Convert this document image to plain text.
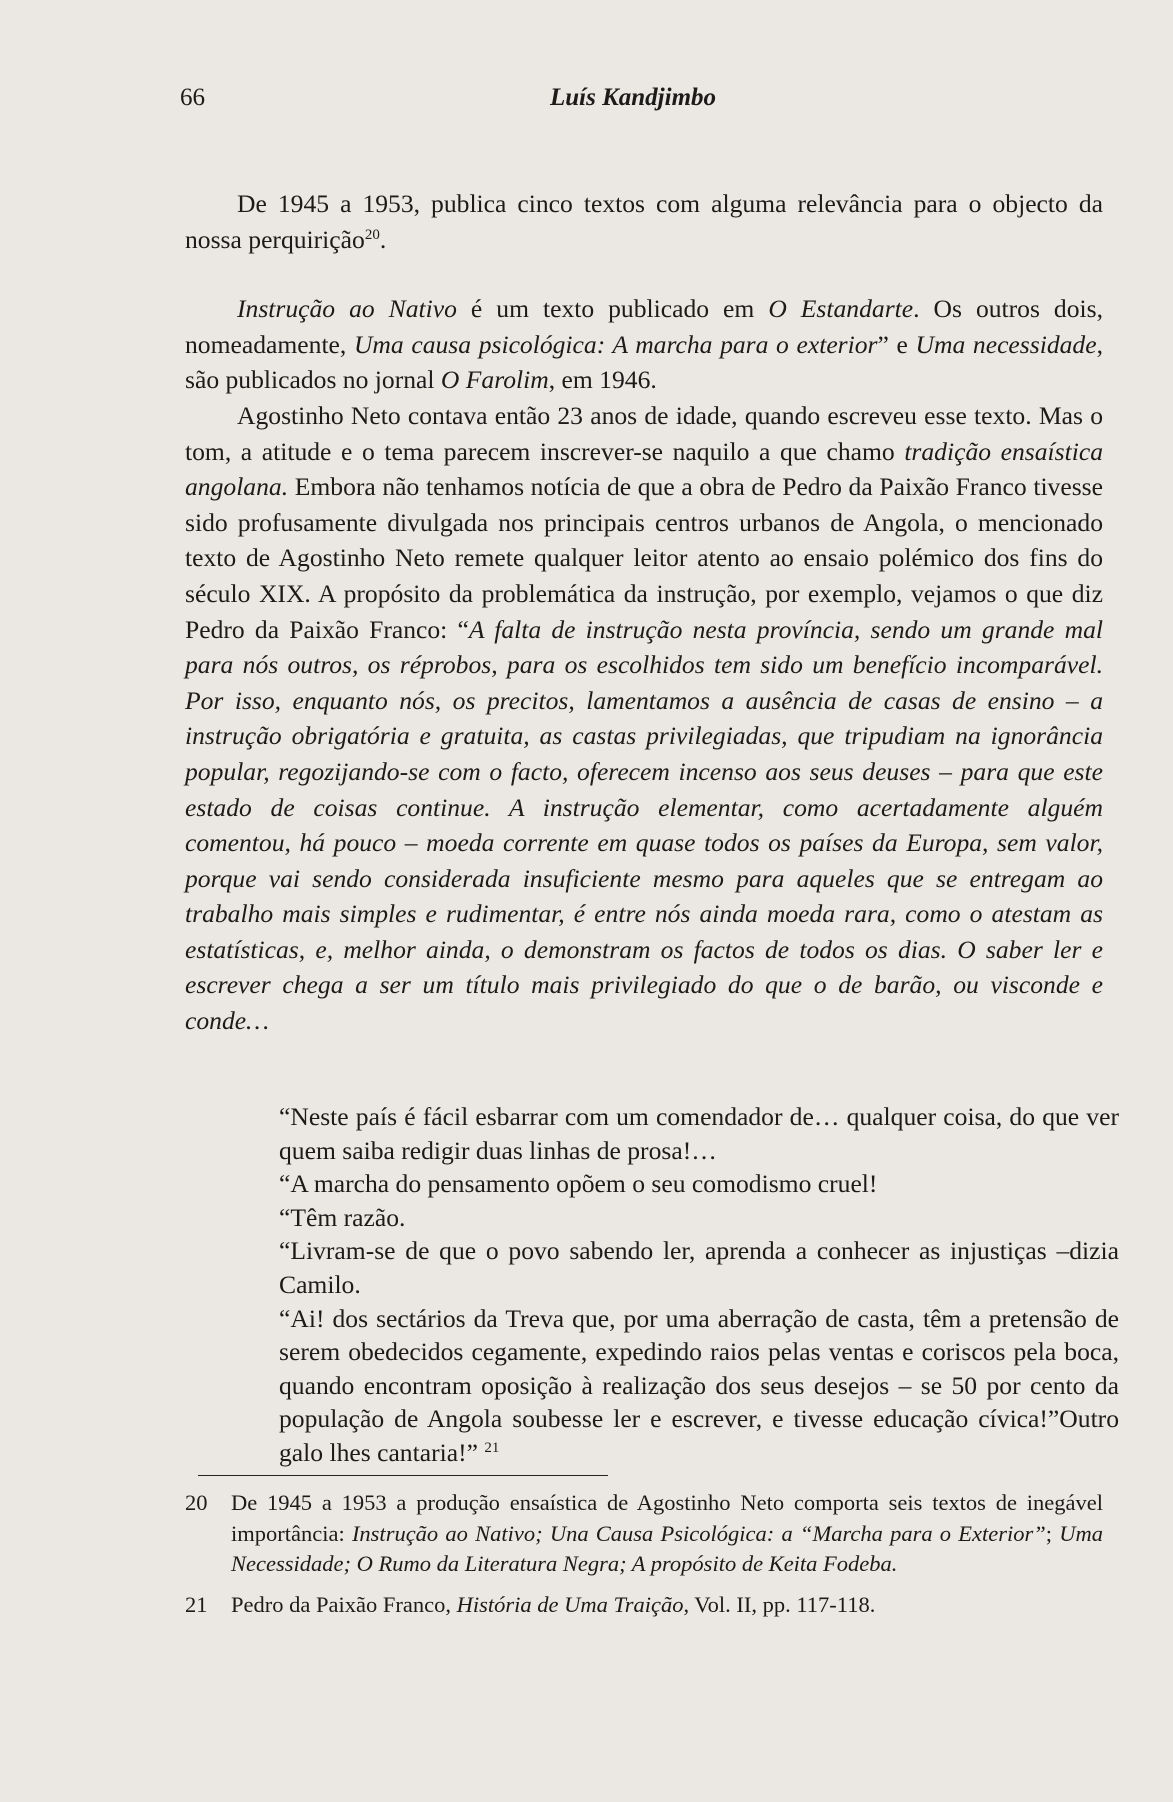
66	Luís Kandjimbo

De 1945 a 1953, publica cinco textos com alguma relevância para o objecto da nossa perquirição$^{20}$.

Instrução ao Nativo é um texto publicado em O Estandarte. Os outros dois, nomeadamente, Uma causa psicológica: A marcha para o exterior” e Uma necessidade, são publicados no jornal O Farolim, em 1946.

Agostinho Neto contava então 23 anos de idade, quando escreveu esse texto. Mas o tom, a atitude e o tema parecem inscrever-se naquilo a que chamo tradição ensaística angolana. Embora não tenhamos notícia de que a obra de Pedro da Paixão Franco tivesse sido profusamente divulgada nos principais centros urbanos de Angola, o mencionado texto de Agostinho Neto remete qualquer leitor atento ao ensaio polémico dos fins do século XIX. A propósito da problemática da instrução, por exemplo, vejamos o que diz Pedro da Paixão Franco: “A falta de instrução nesta província, sendo um grande mal para nós outros, os réprobos, para os escolhidos tem sido um benefício incomparável. Por isso, enquanto nós, os precitos, lamentamos a ausência de casas de ensino – a instrução obrigatória e gratuita, as castas privilegiadas, que tripudiam na ignorância popular, regozijando-se com o facto, oferecem incenso aos seus deuses – para que este estado de coisas continue. A instrução elementar, como acertadamente alguém comentou, há pouco – moeda corrente em quase todos os países da Europa, sem valor, porque vai sendo considerada insuficiente mesmo para aqueles que se entregam ao trabalho mais simples e rudimentar, é entre nós ainda moeda rara, como o atestam as estatísticas, e, melhor ainda, o demonstram os factos de todos os dias. O saber ler e escrever chega a ser um título mais privilegiado do que o de barão, ou visconde e conde…

“Neste país é fácil esbarrar com um comendador de… qualquer coisa, do que ver quem saiba redigir duas linhas de prosa!…

“A marcha do pensamento opõem o seu comodismo cruel!

“Têm razão.

“Livram-se de que o povo sabendo ler, aprenda a conhecer as injustiças –dizia Camilo.

“Ai! dos sectários da Treva que, por uma aberração de casta, têm a pretensão de serem obedecidos cegamente, expedindo raios pelas ventas e coriscos pela boca, quando encontram oposição à realização dos seus desejos – se 50 por cento da população de Angola soubesse ler e escrever, e tivesse educação cívica!”Outro galo lhes cantaria!” $^{21}$

20 De 1945 a 1953 a produção ensaística de Agostinho Neto comporta seis textos de inegável importância: Instrução ao Nativo; Una Causa Psicológica: a “Marcha para o Exterior”; Uma Necessidade; O Rumo da Literatura Negra; A propósito de Keita Fodeba.

21 Pedro da Paixão Franco, História de Uma Traição, Vol. II, pp. 117-118.
